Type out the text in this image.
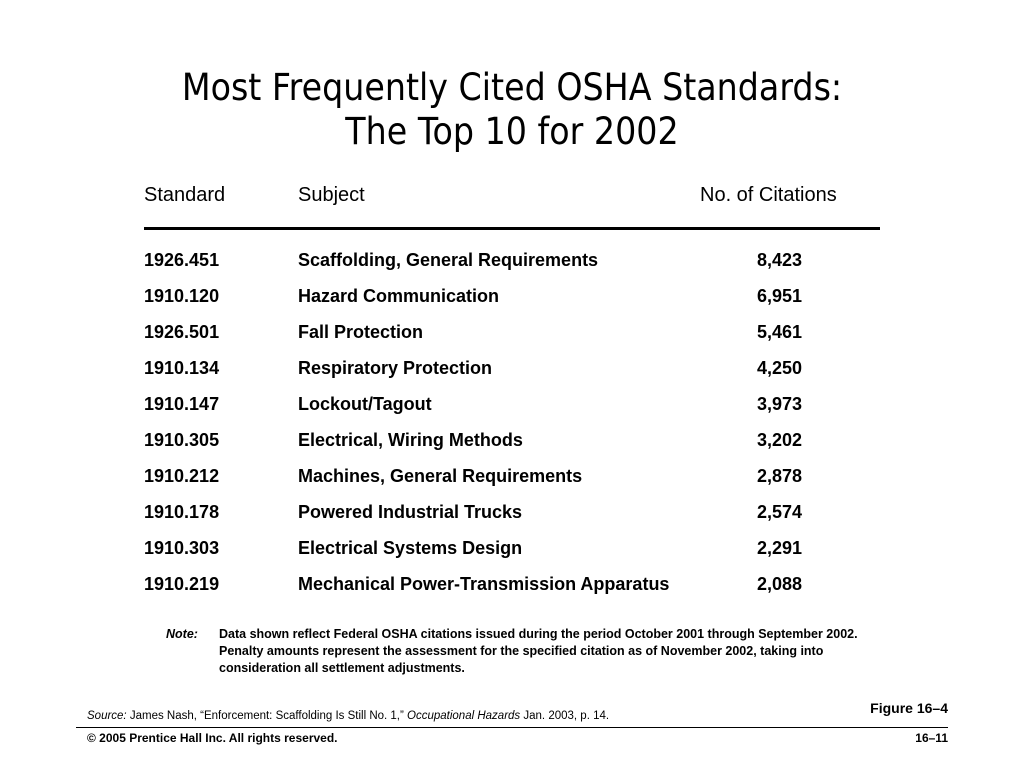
Most Frequently Cited OSHA Standards:
The Top 10 for 2002
Standard	Subject	No. of Citations
1926.451	Scaffolding, General Requirements	8,423
1910.120	Hazard Communication	6,951
1926.501	Fall Protection	5,461
1910.134	Respiratory Protection	4,250
1910.147	Lockout/Tagout	3,973
1910.305	Electrical, Wiring Methods	3,202
1910.212	Machines, General Requirements	2,878
1910.178	Powered Industrial Trucks	2,574
1910.303	Electrical Systems Design	2,291
1910.219	Mechanical Power-Transmission Apparatus	2,088
Note: Data shown reflect Federal OSHA citations issued during the period October 2001 through September 2002. Penalty amounts represent the assessment for the specified citation as of November 2002, taking into consideration all settlement adjustments.
Figure 16–4
Source: James Nash, “Enforcement: Scaffolding Is Still No. 1,” Occupational Hazards Jan. 2003, p. 14.
© 2005 Prentice Hall Inc. All rights reserved.	16–11
